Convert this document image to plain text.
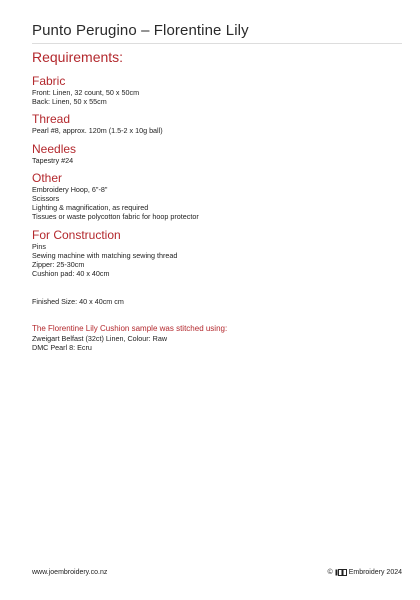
Punto Perugino – Florentine Lily
Requirements:
Fabric

Front: Linen, 32 count, 50 x 50cm

Back: Linen, 50 x 55cm

Thread

Pearl #8, approx. 120m (1.5-2 x 10g ball)

Needles

Tapestry #24

Other

Embroidery Hoop, 6"-8"

Scissors

Lighting & magnification, as required

Tissues or waste polycotton fabric for hoop protector

For Construction

Pins

Sewing machine with matching sewing thread

Zipper: 25-30cm

Cushion pad: 40 x 40cm

Finished Size: 40 x 40cm cm

The Florentine Lily Cushion sample was stitched using:

Zweigart Belfast (32ct) Linen, Colour: Raw

DMC Pearl 8: Ecru

www.joembroidery.co.nz	© Embroidery 2024
